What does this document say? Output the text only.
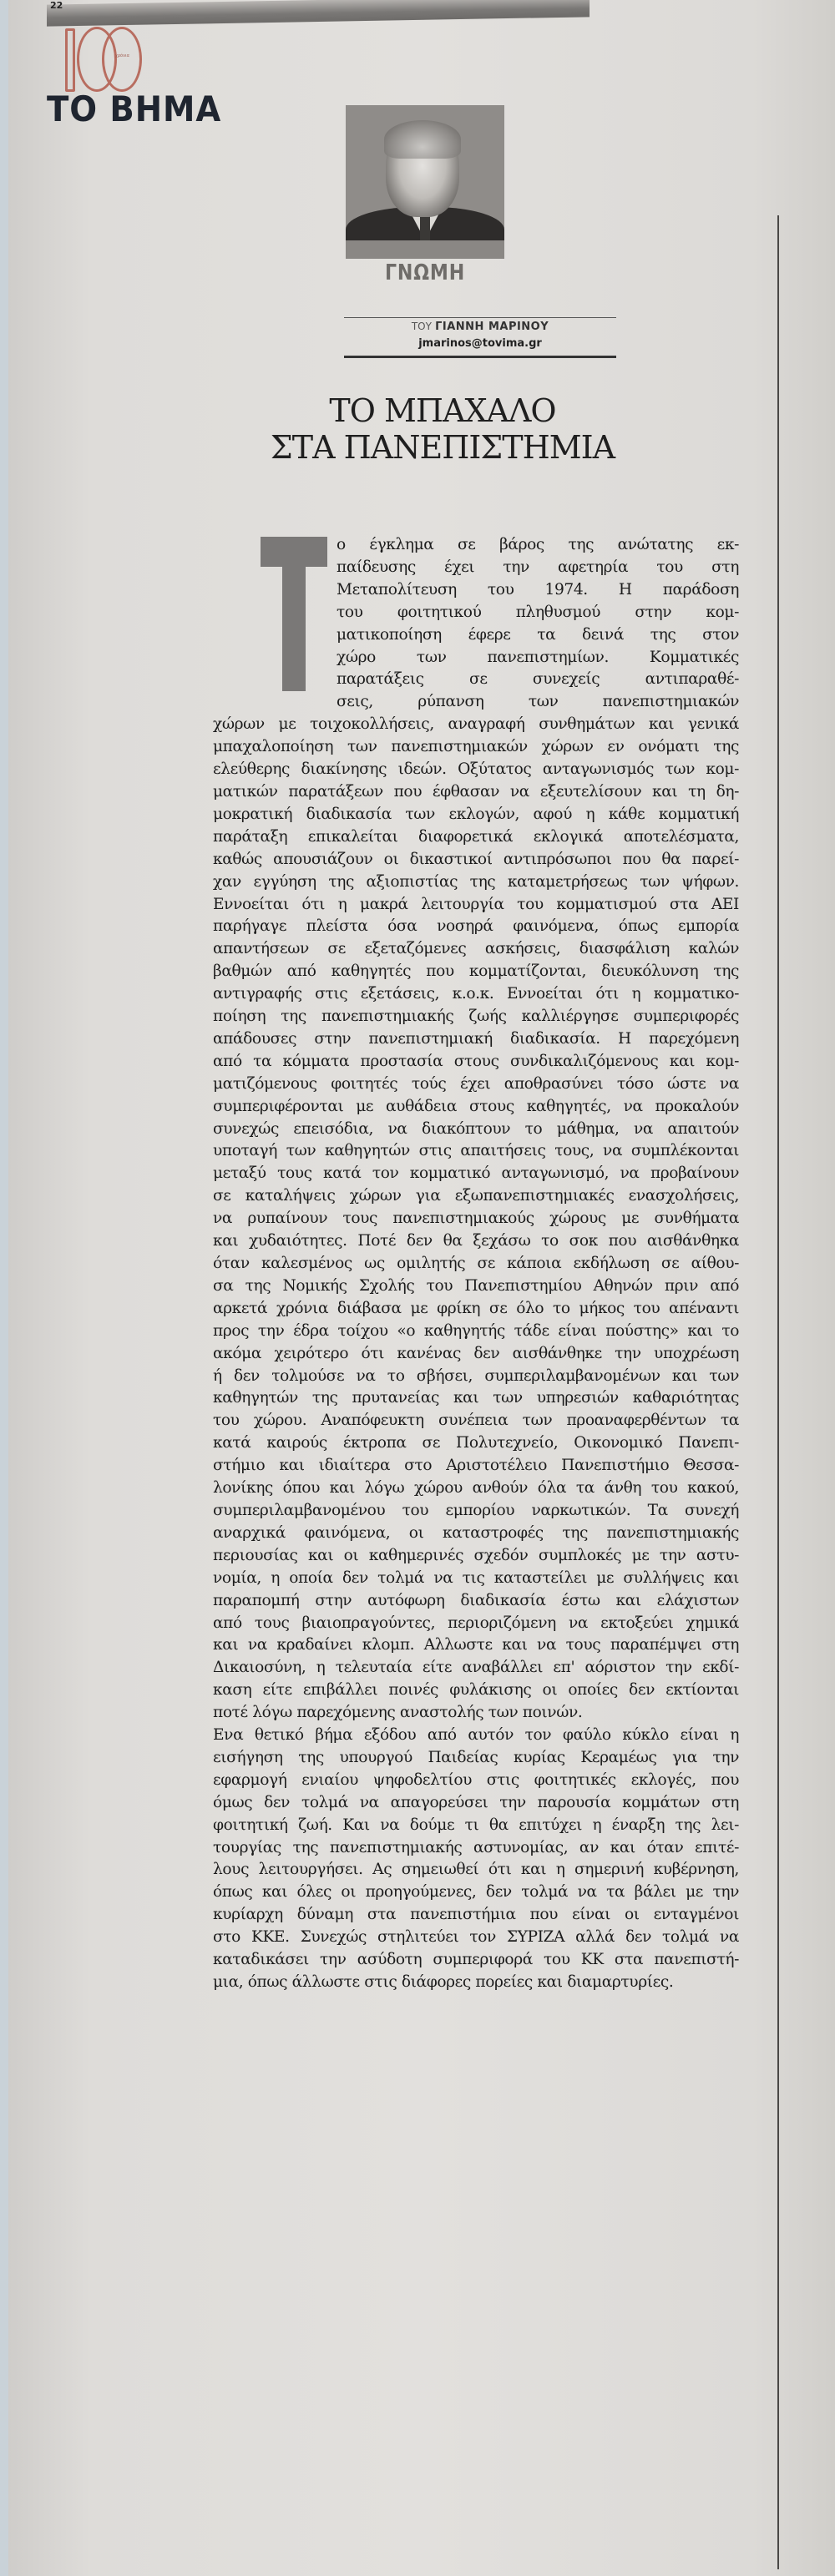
22
χρόνια
ΤΟ ΒΗΜΑ
ΓΝΩΜΗ
ΤΟΥ ΓΙΑΝΝΗ ΜΑΡΙΝΟΥ
jmarinos@tovima.gr
ΤΟ ΜΠΑΧΑΛΟ
ΣΤΑ ΠΑΝΕΠΙΣΤΗΜΙΑ
ο έγκλημα σε βάρος της ανώτατης εκ-
παίδευσης έχει την αφετηρία του στη
Μεταπολίτευση του 1974. Η παράδοση
του φοιτητικού πληθυσμού στην κομ-
ματικοποίηση έφερε τα δεινά της στον
χώρο των πανεπιστημίων. Κομματικές
παρατάξεις σε συνεχείς αντιπαραθέ-
σεις, ρύπανση των πανεπιστημιακών
χώρων με τοιχοκολλήσεις, αναγραφή συνθημάτων και γενικά
μπαχαλοποίηση των πανεπιστημιακών χώρων εν ονόματι της
ελεύθερης διακίνησης ιδεών. Οξύτατος ανταγωνισμός των κομ-
ματικών παρατάξεων που έφθασαν να εξευτελίσουν και τη δη-
μοκρατική διαδικασία των εκλογών, αφού η κάθε κομματική
παράταξη επικαλείται διαφορετικά εκλογικά αποτελέσματα,
καθώς απουσιάζουν οι δικαστικοί αντιπρόσωποι που θα παρεί-
χαν εγγύηση της αξιοπιστίας της καταμετρήσεως των ψήφων.
Εννοείται ότι η μακρά λειτουργία του κομματισμού στα ΑΕΙ
παρήγαγε πλείστα όσα νοσηρά φαινόμενα, όπως εμπορία
απαντήσεων σε εξεταζόμενες ασκήσεις, διασφάλιση καλών
βαθμών από καθηγητές που κομματίζονται, διευκόλυνση της
αντιγραφής στις εξετάσεις, κ.ο.κ. Εννοείται ότι η κομματικο-
ποίηση της πανεπιστημιακής ζωής καλλιέργησε συμπεριφορές
απάδουσες στην πανεπιστημιακή διαδικασία. Η παρεχόμενη
από τα κόμματα προστασία στους συνδικαλιζόμενους και κομ-
ματιζόμενους φοιτητές τούς έχει αποθρασύνει τόσο ώστε να
συμπεριφέρονται με αυθάδεια στους καθηγητές, να προκαλούν
συνεχώς επεισόδια, να διακόπτουν το μάθημα, να απαιτούν
υποταγή των καθηγητών στις απαιτήσεις τους, να συμπλέκονται
μεταξύ τους κατά τον κομματικό ανταγωνισμό, να προβαίνουν
σε καταλήψεις χώρων για εξωπανεπιστημιακές ενασχολήσεις,
να ρυπαίνουν τους πανεπιστημιακούς χώρους με συνθήματα
και χυδαιότητες. Ποτέ δεν θα ξεχάσω το σοκ που αισθάνθηκα
όταν καλεσμένος ως ομιλητής σε κάποια εκδήλωση σε αίθου-
σα της Νομικής Σχολής του Πανεπιστημίου Αθηνών πριν από
αρκετά χρόνια διάβασα με φρίκη σε όλο το μήκος του απέναντι
προς την έδρα τοίχου «ο καθηγητής τάδε είναι πούστης» και το
ακόμα χειρότερο ότι κανένας δεν αισθάνθηκε την υποχρέωση
ή δεν τολμούσε να το σβήσει, συμπεριλαμβανομένων και των
καθηγητών της πρυτανείας και των υπηρεσιών καθαριότητας
του χώρου. Αναπόφευκτη συνέπεια των προαναφερθέντων τα
κατά καιρούς έκτροπα σε Πολυτεχνείο, Οικονομικό Πανεπι-
στήμιο και ιδιαίτερα στο Αριστοτέλειο Πανεπιστήμιο Θεσσα-
λονίκης όπου και λόγω χώρου ανθούν όλα τα άνθη του κακού,
συμπεριλαμβανομένου του εμπορίου ναρκωτικών. Τα συνεχή
αναρχικά φαινόμενα, οι καταστροφές της πανεπιστημιακής
περιουσίας και οι καθημερινές σχεδόν συμπλοκές με την αστυ-
νομία, η οποία δεν τολμά να τις καταστείλει με συλλήψεις και
παραπομπή στην αυτόφωρη διαδικασία έστω και ελάχιστων
από τους βιαιοπραγούντες, περιοριζόμενη να εκτοξεύει χημικά
και να κραδαίνει κλομπ. Αλλωστε και να τους παραπέμψει στη
Δικαιοσύνη, η τελευταία είτε αναβάλλει επ' αόριστον την εκδί-
καση είτε επιβάλλει ποινές φυλάκισης οι οποίες δεν εκτίονται
ποτέ λόγω παρεχόμενης αναστολής των ποινών.
Ενα θετικό βήμα εξόδου από αυτόν τον φαύλο κύκλο είναι η
εισήγηση της υπουργού Παιδείας κυρίας Κεραμέως για την
εφαρμογή ενιαίου ψηφοδελτίου στις φοιτητικές εκλογές, που
όμως δεν τολμά να απαγορεύσει την παρουσία κομμάτων στη
φοιτητική ζωή. Και να δούμε τι θα επιτύχει η έναρξη της λει-
τουργίας της πανεπιστημιακής αστυνομίας, αν και όταν επιτέ-
λους λειτουργήσει. Ας σημειωθεί ότι και η σημερινή κυβέρνηση,
όπως και όλες οι προηγούμενες, δεν τολμά να τα βάλει με την
κυρίαρχη δύναμη στα πανεπιστήμια που είναι οι ενταγμένοι
στο ΚΚΕ. Συνεχώς στηλιτεύει τον ΣΥΡΙΖΑ αλλά δεν τολμά να
καταδικάσει την ασύδοτη συμπεριφορά του ΚΚ στα πανεπιστή-
μια, όπως άλλωστε στις διάφορες πορείες και διαμαρτυρίες.
